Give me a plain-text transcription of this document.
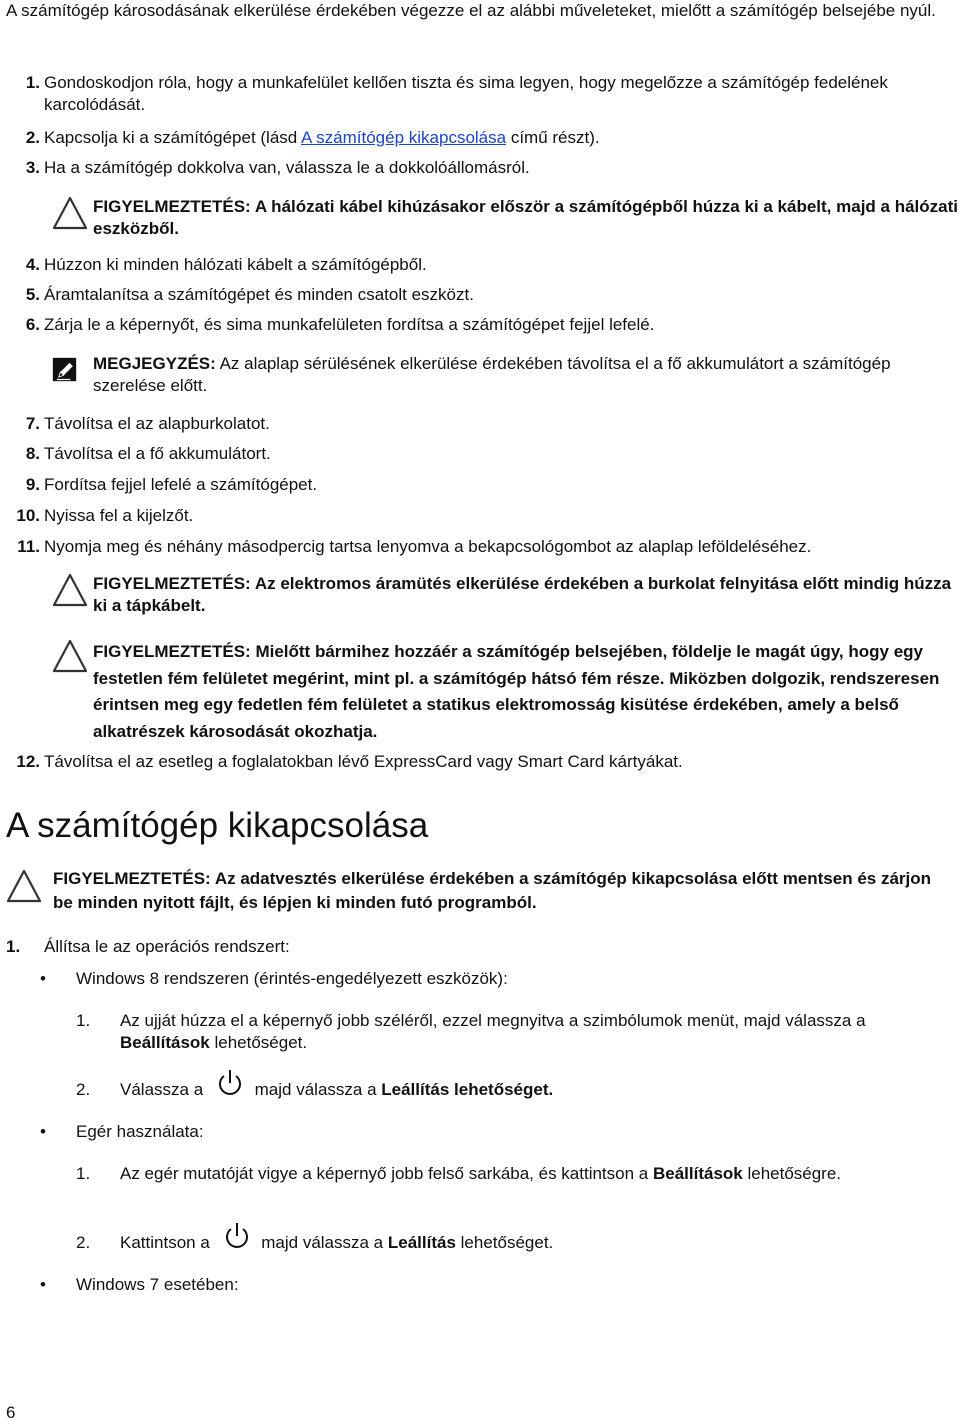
A számítógép károsodásának elkerülése érdekében végezze el az alábbi műveleteket, mielőtt a számítógép belsejébe nyúl.
1. Gondoskodjon róla, hogy a munkafelület kellően tiszta és sima legyen, hogy megelőzze a számítógép fedelének karcolódását.
2. Kapcsolja ki a számítógépet (lásd A számítógép kikapcsolása című részt).
3. Ha a számítógép dokkolva van, válassza le a dokkolóállomásról.
FIGYELMEZTETÉS: A hálózati kábel kihúzásakor először a számítógépből húzza ki a kábelt, majd a hálózati eszközből.
4. Húzzon ki minden hálózati kábelt a számítógépből.
5. Áramtalanítsa a számítógépet és minden csatolt eszközt.
6. Zárja le a képernyőt, és sima munkafelületen fordítsa a számítógépet fejjel lefelé.
MEGJEGYZÉS: Az alaplap sérülésének elkerülése érdekében távolítsa el a fő akkumulátort a számítógép szerelése előtt.
7. Távolítsa el az alapburkolatot.
8. Távolítsa el a fő akkumulátort.
9. Fordítsa fejjel lefelé a számítógépet.
10. Nyissa fel a kijelzőt.
11. Nyomja meg és néhány másodpercig tartsa lenyomva a bekapcsológombot az alaplap leföldeléséhez.
FIGYELMEZTETÉS: Az elektromos áramütés elkerülése érdekében a burkolat felnyitása előtt mindig húzza ki a tápkábelt.
FIGYELMEZTETÉS: Mielőtt bármihez hozzáér a számítógép belsejében, földelje le magát úgy, hogy egy festetlen fém felületet megérint, mint pl. a számítógép hátsó fém része. Miközben dolgozik, rendszeresen érintsen meg egy fedetlen fém felületet a statikus elektromosság kisütése érdekében, amely a belső alkatrészek károsodását okozhatja.
12. Távolítsa el az esetleg a foglalatokban lévő ExpressCard vagy Smart Card kártyákat.
A számítógép kikapcsolása
FIGYELMEZTETÉS: Az adatvesztés elkerülése érdekében a számítógép kikapcsolása előtt mentsen és zárjon be minden nyitott fájlt, és lépjen ki minden futó programból.
1.	Állítsa le az operációs rendszert:
• Windows 8 rendszeren (érintés-engedélyezett eszközök):
1. Az ujját húzza el a képernyő jobb széléről, ezzel megnyitva a szimbólumok menüt, majd válassza a Beállítások lehetőséget.
2. Válassza a	majd válassza a Leállítás lehetőséget.
• Egér használata:
1. Az egér mutatóját vigye a képernyő jobb felső sarkába, és kattintson a Beállítások lehetőségre.
2. Kattintson a	majd válassza a Leállítás lehetőséget.
• Windows 7 esetében:
6
